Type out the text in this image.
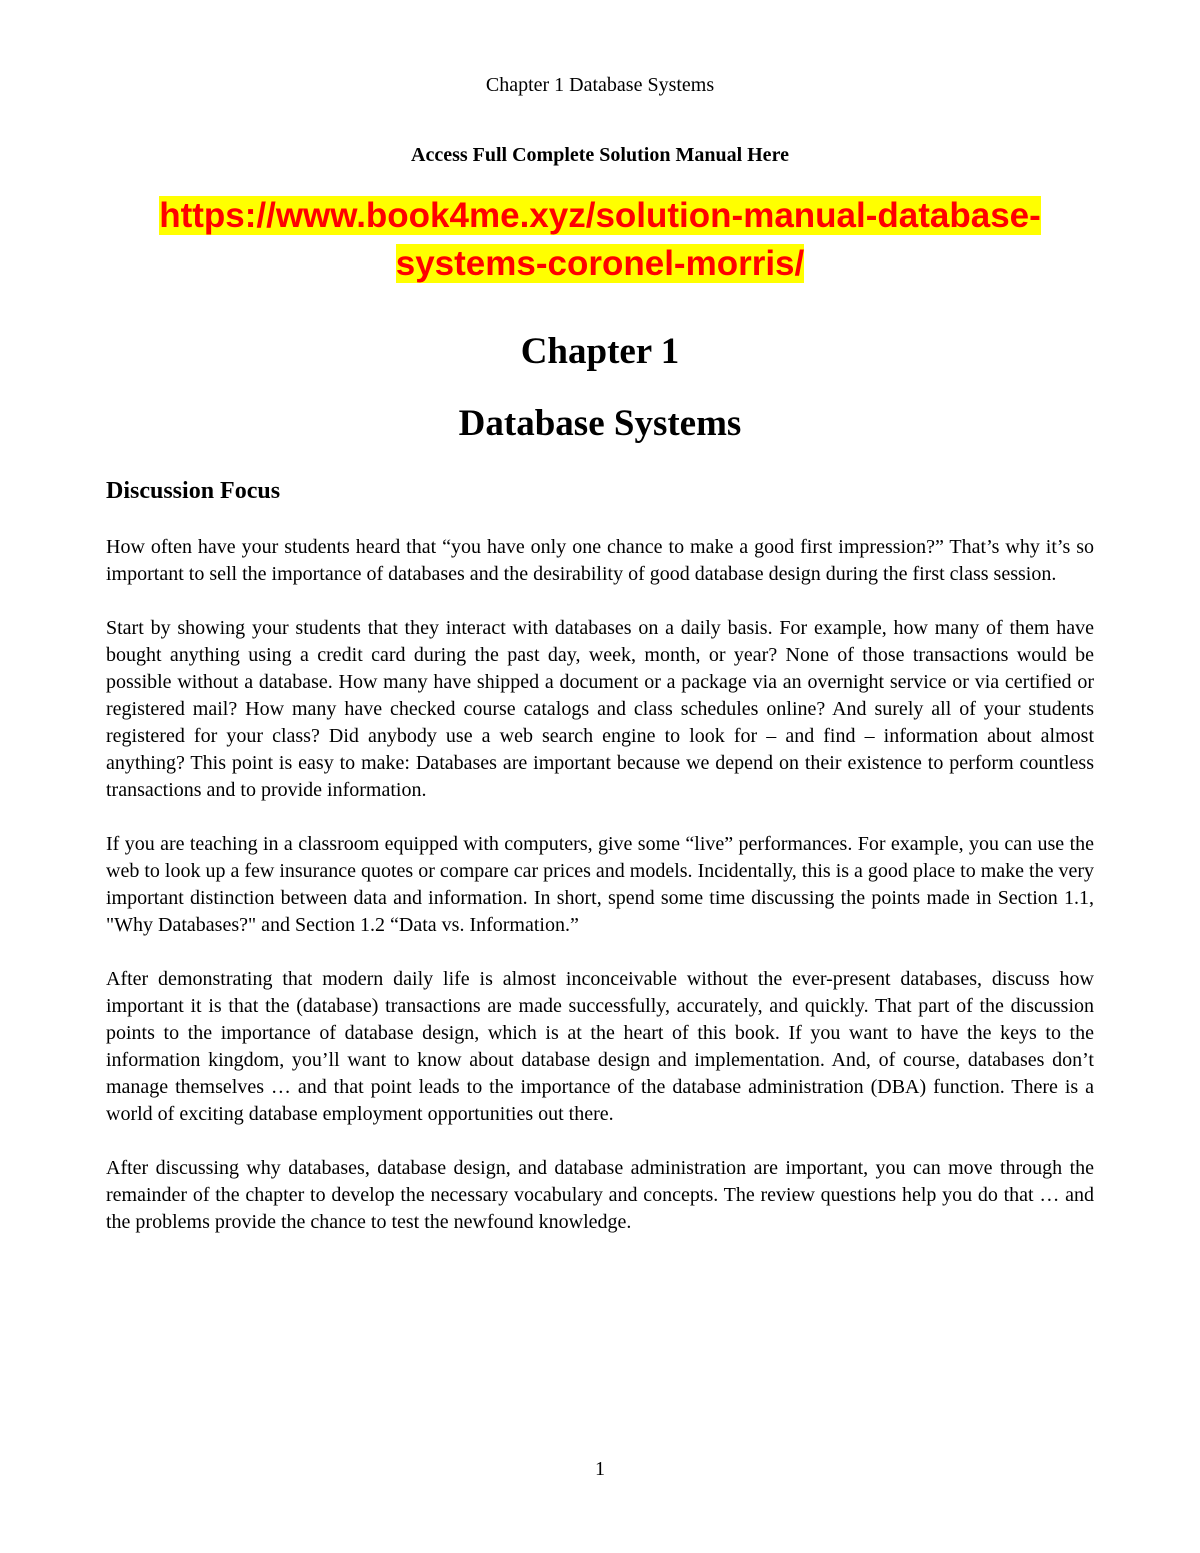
Chapter 1 Database Systems
Access Full Complete Solution Manual Here
https://www.book4me.xyz/solution-manual-database-
systems-coronel-morris/
Chapter 1
Database Systems
Discussion Focus

How often have your students heard that “you have only one chance to make a good first impression?” That’s why it’s so important to sell the importance of databases and the desirability of good database design during the first class session.

Start by showing your students that they interact with databases on a daily basis. For example, how many of them have bought anything using a credit card during the past day, week, month, or year? None of those transactions would be possible without a database. How many have shipped a document or a package via an overnight service or via certified or registered mail? How many have checked course catalogs and class schedules online? And surely all of your students registered for your class? Did anybody use a web search engine to look for – and find – information about almost anything? This point is easy to make: Databases are important because we depend on their existence to perform countless transactions and to provide information.

If you are teaching in a classroom equipped with computers, give some “live” performances. For example, you can use the web to look up a few insurance quotes or compare car prices and models. Incidentally, this is a good place to make the very important distinction between data and information. In short, spend some time discussing the points made in Section 1.1, "Why Databases?" and Section 1.2 “Data vs. Information.”

After demonstrating that modern daily life is almost inconceivable without the ever-present databases, discuss how important it is that the (database) transactions are made successfully, accurately, and quickly. That part of the discussion points to the importance of database design, which is at the heart of this book. If you want to have the keys to the information kingdom, you’ll want to know about database design and implementation. And, of course, databases don’t manage themselves … and that point leads to the importance of the database administration (DBA) function. There is a world of exciting database employment opportunities out there.

After discussing why databases, database design, and database administration are important, you can move through the remainder of the chapter to develop the necessary vocabulary and concepts. The review questions help you do that … and the problems provide the chance to test the newfound knowledge.

1
